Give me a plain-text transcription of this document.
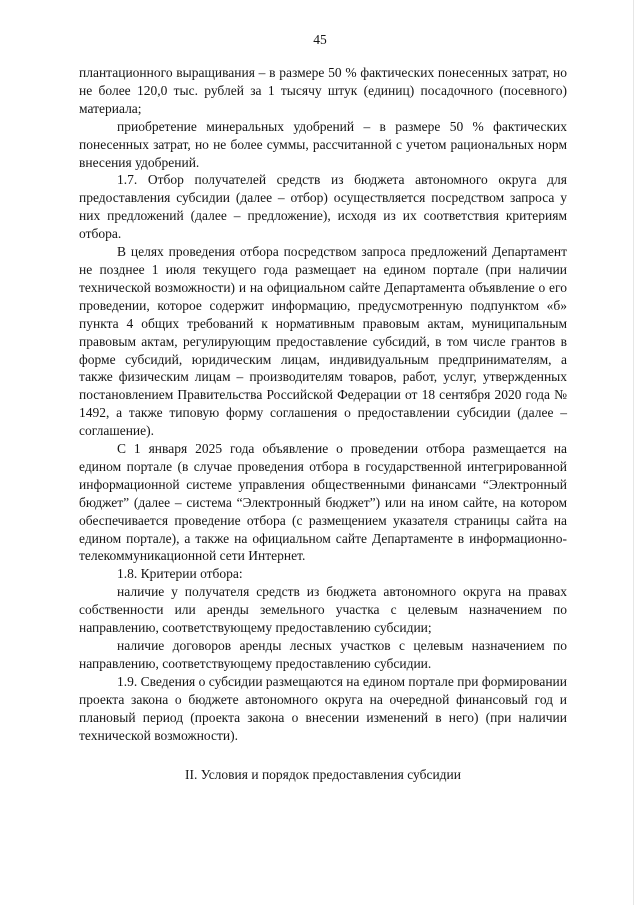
45

плантационного выращивания – в размере 50 % фактических понесенных затрат, но не более 120,0 тыс. рублей за 1 тысячу штук (единиц) посадочного (посевного) материала;

приобретение минеральных удобрений – в размере 50 % фактических понесенных затрат, но не более суммы, рассчитанной с учетом рациональных норм внесения удобрений.

1.7. Отбор получателей средств из бюджета автономного округа для предоставления субсидии (далее – отбор) осуществляется посредством запроса у них предложений (далее – предложение), исходя из их соответствия критериям отбора.

В целях проведения отбора посредством запроса предложений Департамент не позднее 1 июля текущего года размещает на едином портале (при наличии технической возможности) и на официальном сайте Департамента объявление о его проведении, которое содержит информацию, предусмотренную подпунктом «б» пункта 4 общих требований к нормативным правовым актам, муниципальным правовым актам, регулирующим предоставление субсидий, в том числе грантов в форме субсидий, юридическим лицам, индивидуальным предпринимателям, а также физическим лицам – производителям товаров, работ, услуг, утвержденных постановлением Правительства Российской Федерации от 18 сентября 2020 года № 1492, а также типовую форму соглашения о предоставлении субсидии (далее – соглашение).

С 1 января 2025 года объявление о проведении отбора размещается на едином портале (в случае проведения отбора в государственной интегрированной информационной системе управления общественными финансами “Электронный бюджет” (далее – система “Электронный бюджет”) или на ином сайте, на котором обеспечивается проведение отбора (с размещением указателя страницы сайта на едином портале), а также на официальном сайте Департаменте в информационно-телекоммуникационной сети Интернет.

1.8. Критерии отбора:

наличие у получателя средств из бюджета автономного округа на правах собственности или аренды земельного участка с целевым назначением по направлению, соответствующему предоставлению субсидии;

наличие договоров аренды лесных участков с целевым назначением по направлению, соответствующему предоставлению субсидии.

1.9. Сведения о субсидии размещаются на едином портале при формировании проекта закона о бюджете автономного округа на очередной финансовый год и плановый период (проекта закона о внесении изменений в него) (при наличии технической возможности).

II. Условия и порядок предоставления субсидии
